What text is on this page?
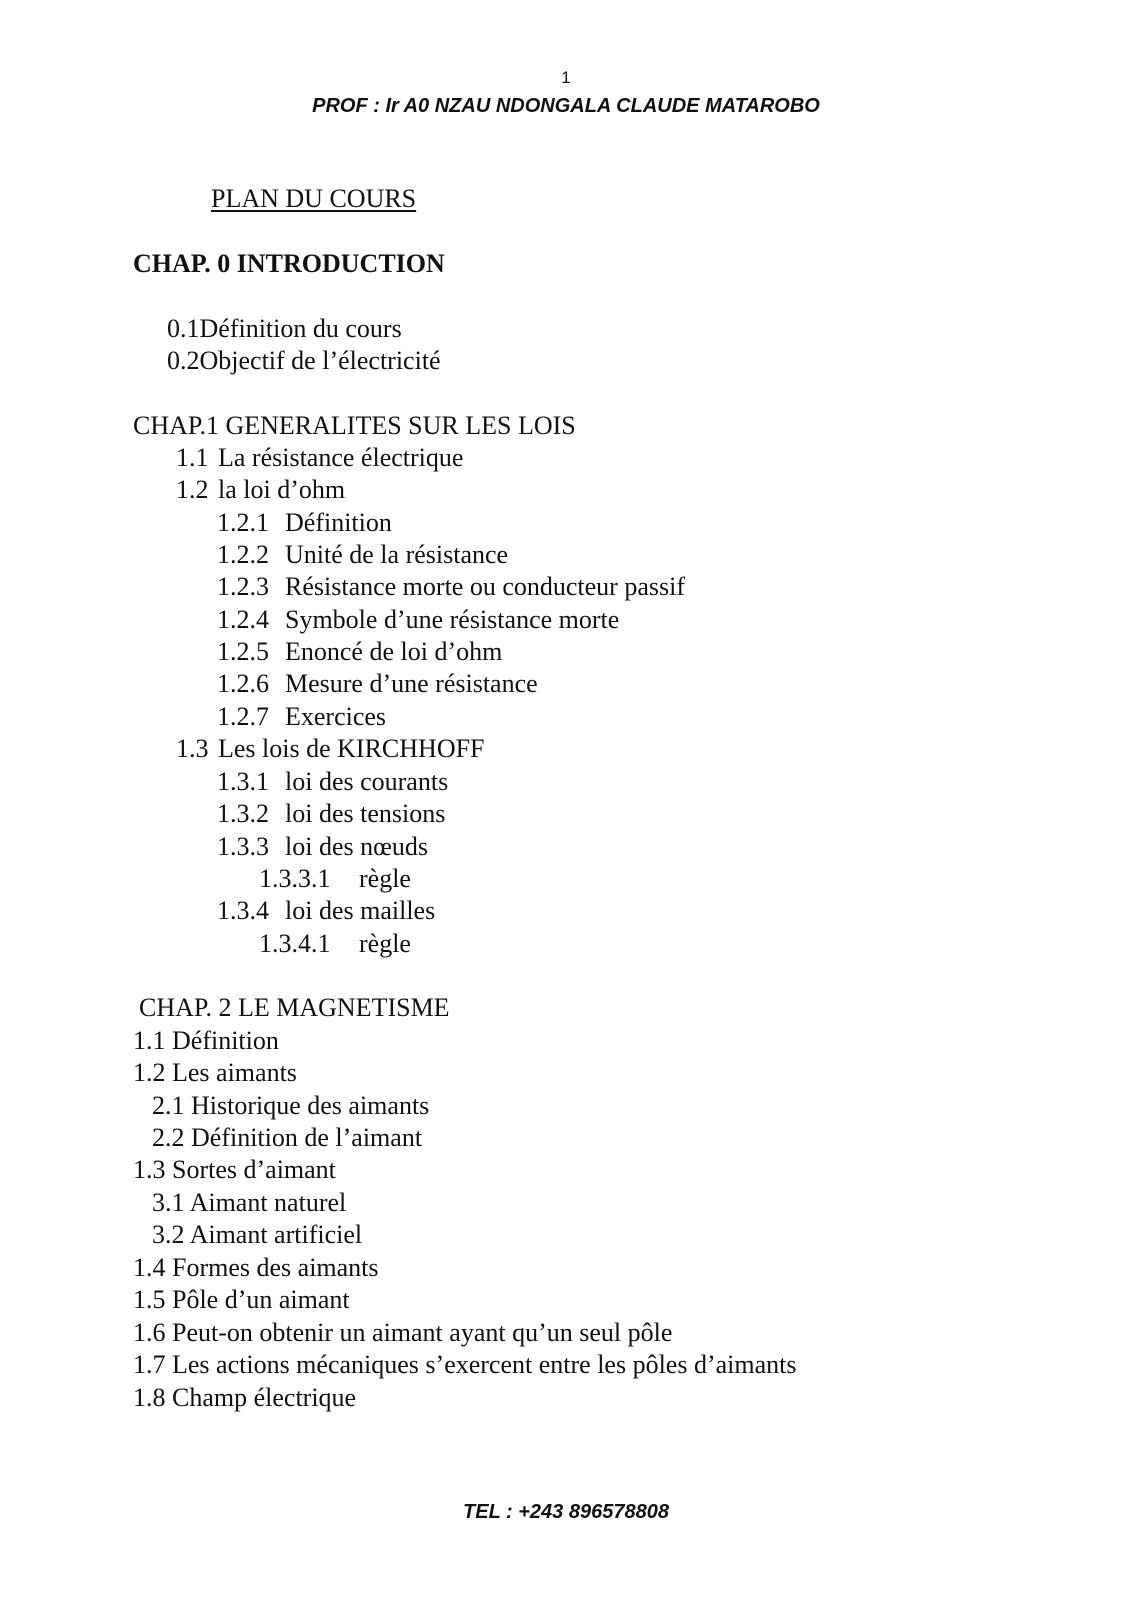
1
PROF : Ir A0 NZAU NDONGALA CLAUDE MATAROBO
PLAN DU COURS
CHAP. 0 INTRODUCTION
0.1Définition du cours
0.2Objectif de l’électricité
CHAP.1 GENERALITES SUR LES LOIS
1.1 La résistance électrique
1.2 la loi d’ohm
1.2.1 Définition
1.2.2 Unité de la résistance
1.2.3 Résistance morte ou conducteur passif
1.2.4 Symbole d’une résistance morte
1.2.5 Enoncé de loi d’ohm
1.2.6 Mesure d’une résistance
1.2.7 Exercices
1.3 Les lois de KIRCHHOFF
1.3.1 loi des courants
1.3.2 loi des tensions
1.3.3 loi des nœuds
1.3.3.1 règle
1.3.4 loi des mailles
1.3.4.1 règle
CHAP. 2 LE MAGNETISME
1.1 Définition
1.2 Les aimants
2.1 Historique des aimants
2.2 Définition de l’aimant
1.3 Sortes d’aimant
3.1 Aimant naturel
3.2 Aimant artificiel
1.4 Formes des aimants
1.5 Pôle d’un aimant
1.6 Peut-on obtenir un aimant ayant qu’un seul pôle
1.7 Les actions mécaniques s’exercent entre les pôles d’aimants
1.8 Champ électrique
TEL : +243 896578808
